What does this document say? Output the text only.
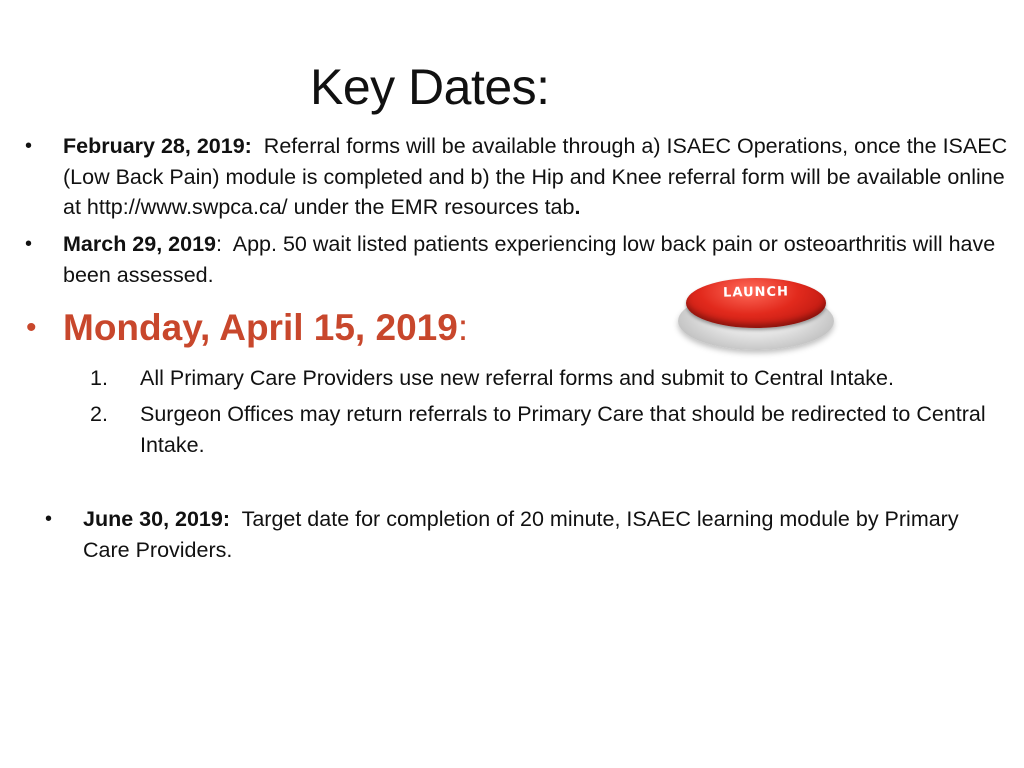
Key Dates:
• February 28, 2019: Referral forms will be available through a) ISAEC Operations, once the ISAEC (Low Back Pain) module is completed and b) the Hip and Knee referral form will be available online at http://www.swpca.ca/ under the EMR resources tab.
• March 29, 2019: App. 50 wait listed patients experiencing low back pain or osteoarthritis will have been assessed.
• Monday, April 15, 2019:
LAUNCH
1. All Primary Care Providers use new referral forms and submit to Central Intake.
2. Surgeon Offices may return referrals to Primary Care that should be redirected to Central Intake.
• June 30, 2019: Target date for completion of 20 minute, ISAEC learning module by Primary Care Providers.
